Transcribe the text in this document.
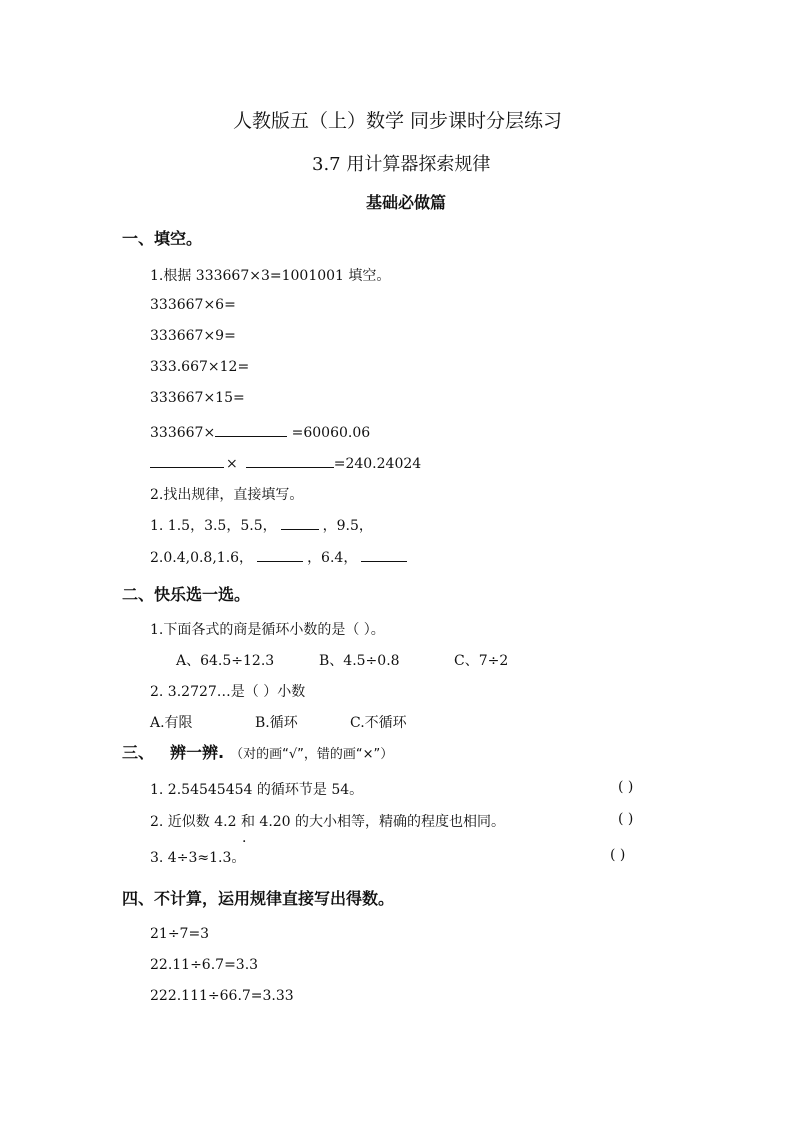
人教版五（上）数学 同步课时分层练习
3.7 用计算器探索规律
基础必做篇
一、填空。
1.根据 333667×3=1001001 填空。
333667×6=
333667×9=
333.667×12=
333667×15=
333667×	=60060.06
×	=240.24024
2.找出规律，直接填写。
1. 1.5，3.5，5.5，	，9.5，
2.0.4,0.8,1.6，	，6.4，
二、快乐选一选。
1.下面各式的商是循环小数的是（ ）。
A、64.5÷12.3	B、4.5÷0.8	C、7÷2
2. 3.2727…是（ ）小数
A.有限	B.循环	C.不循环
三、 辨一辨. （对的画“√”，错的画“×”）
1. 2.54545454 的循环节是 54。	( )
2. 近似数 4.2 和 4.20 的大小相等，精确的程度也相同。	( )
·
3. 4÷3≈1.3。	( )
四、不计算，运用规律直接写出得数。
21÷7=3
22.11÷6.7=3.3
222.111÷66.7=3.33
